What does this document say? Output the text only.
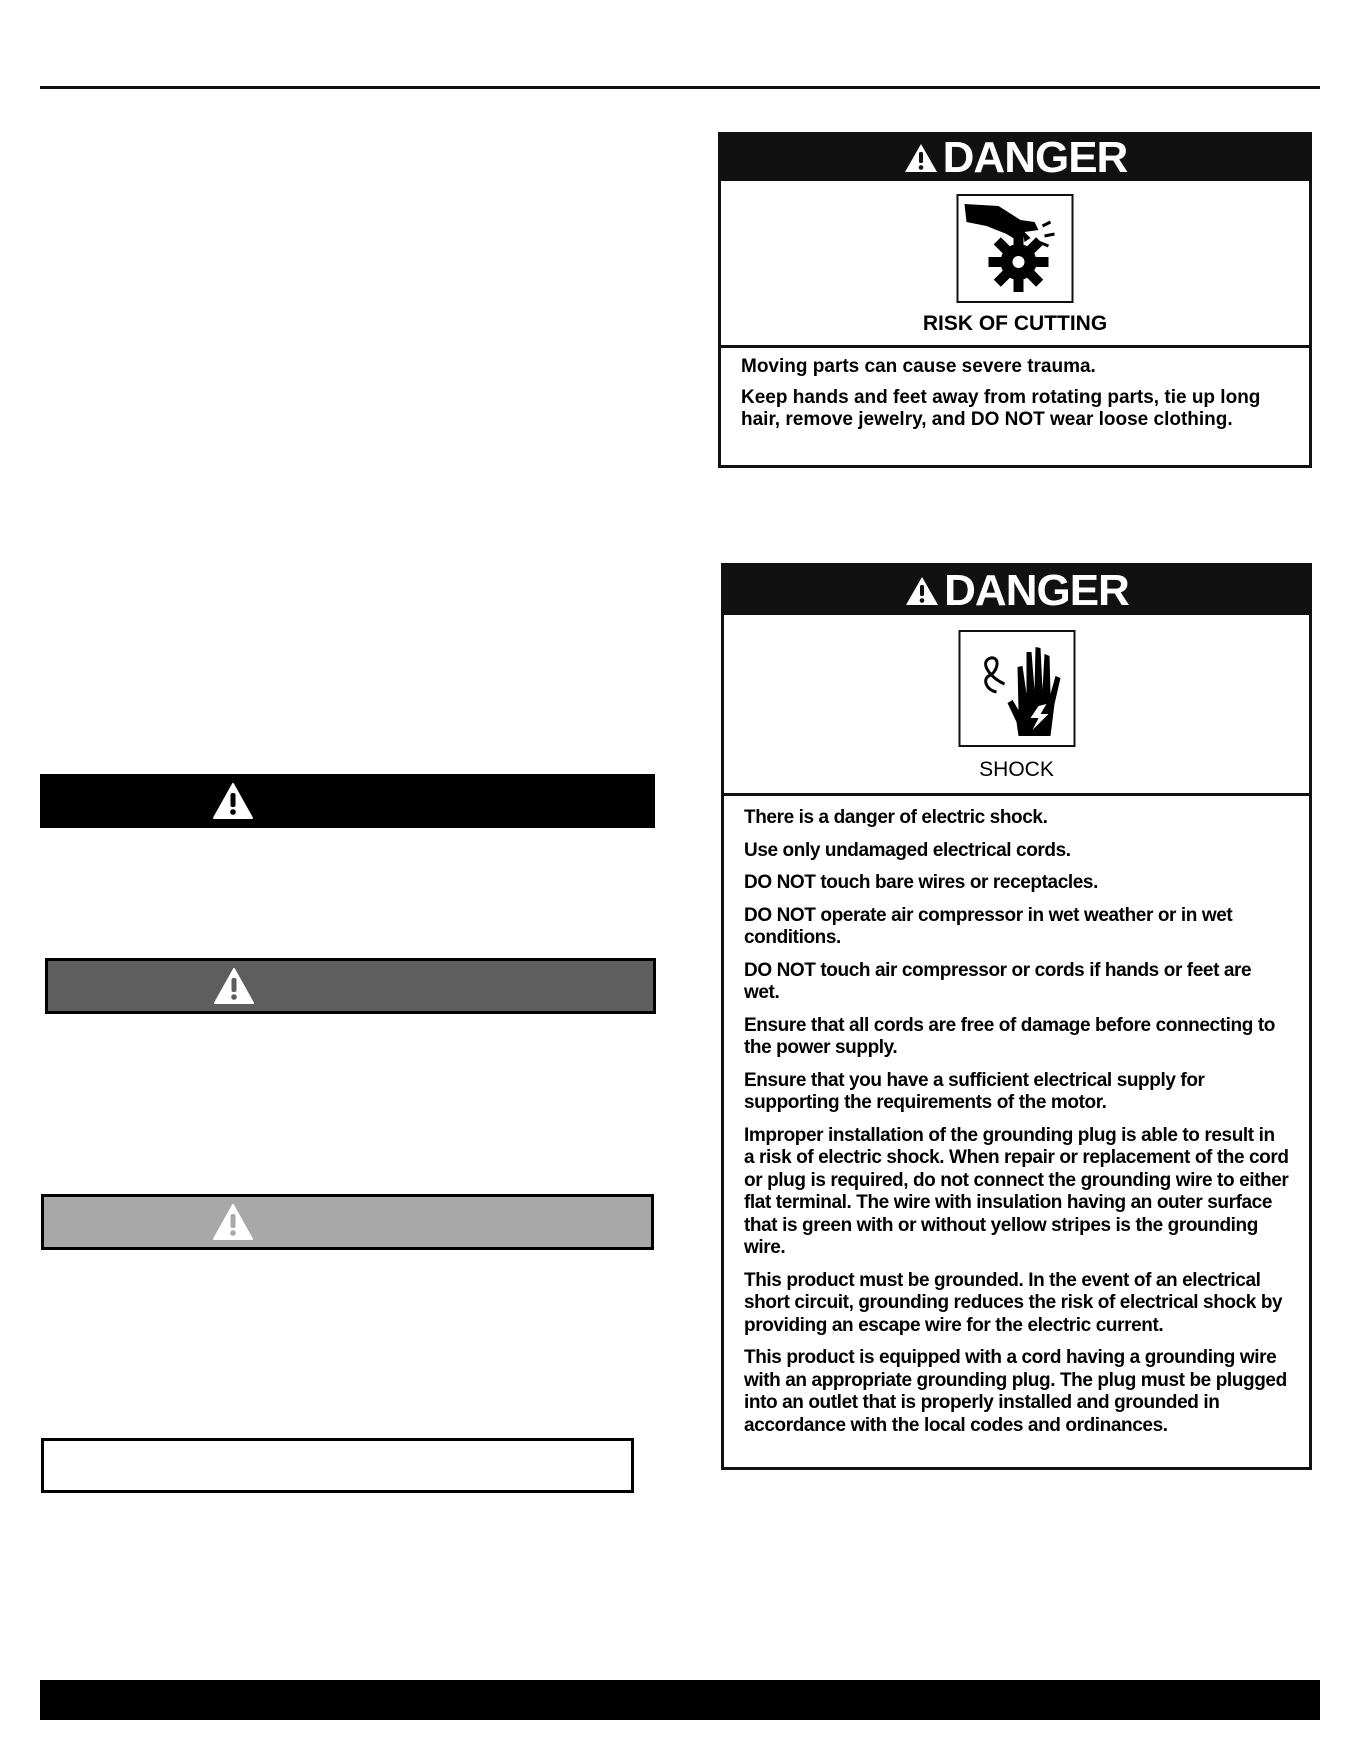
DANGER
RISK OF CUTTING

Moving parts can cause severe trauma.

Keep hands and feet away from rotating parts, tie up long hair, remove jewelry, and DO NOT wear loose clothing.

DANGER
SHOCK

There is a danger of electric shock.

Use only undamaged electrical cords.

DO NOT touch bare wires or receptacles.

DO NOT operate air compressor in wet weather or in wet conditions.

DO NOT touch air compressor or cords if hands or feet are wet.

Ensure that all cords are free of damage before connecting to the power supply.

Ensure that you have a sufficient electrical supply for supporting the requirements of the motor.

Improper installation of the grounding plug is able to result in a risk of electric shock. When repair or replacement of the cord or plug is required, do not connect the grounding wire to either flat terminal. The wire with insulation having an outer surface that is green with or without yellow stripes is the grounding wire.

This product must be grounded. In the event of an electrical short circuit, grounding reduces the risk of electrical shock by providing an escape wire for the electric current.

This product is equipped with a cord having a grounding wire with an appropriate grounding plug. The plug must be plugged into an outlet that is properly installed and grounded in accordance with the local codes and ordinances.
